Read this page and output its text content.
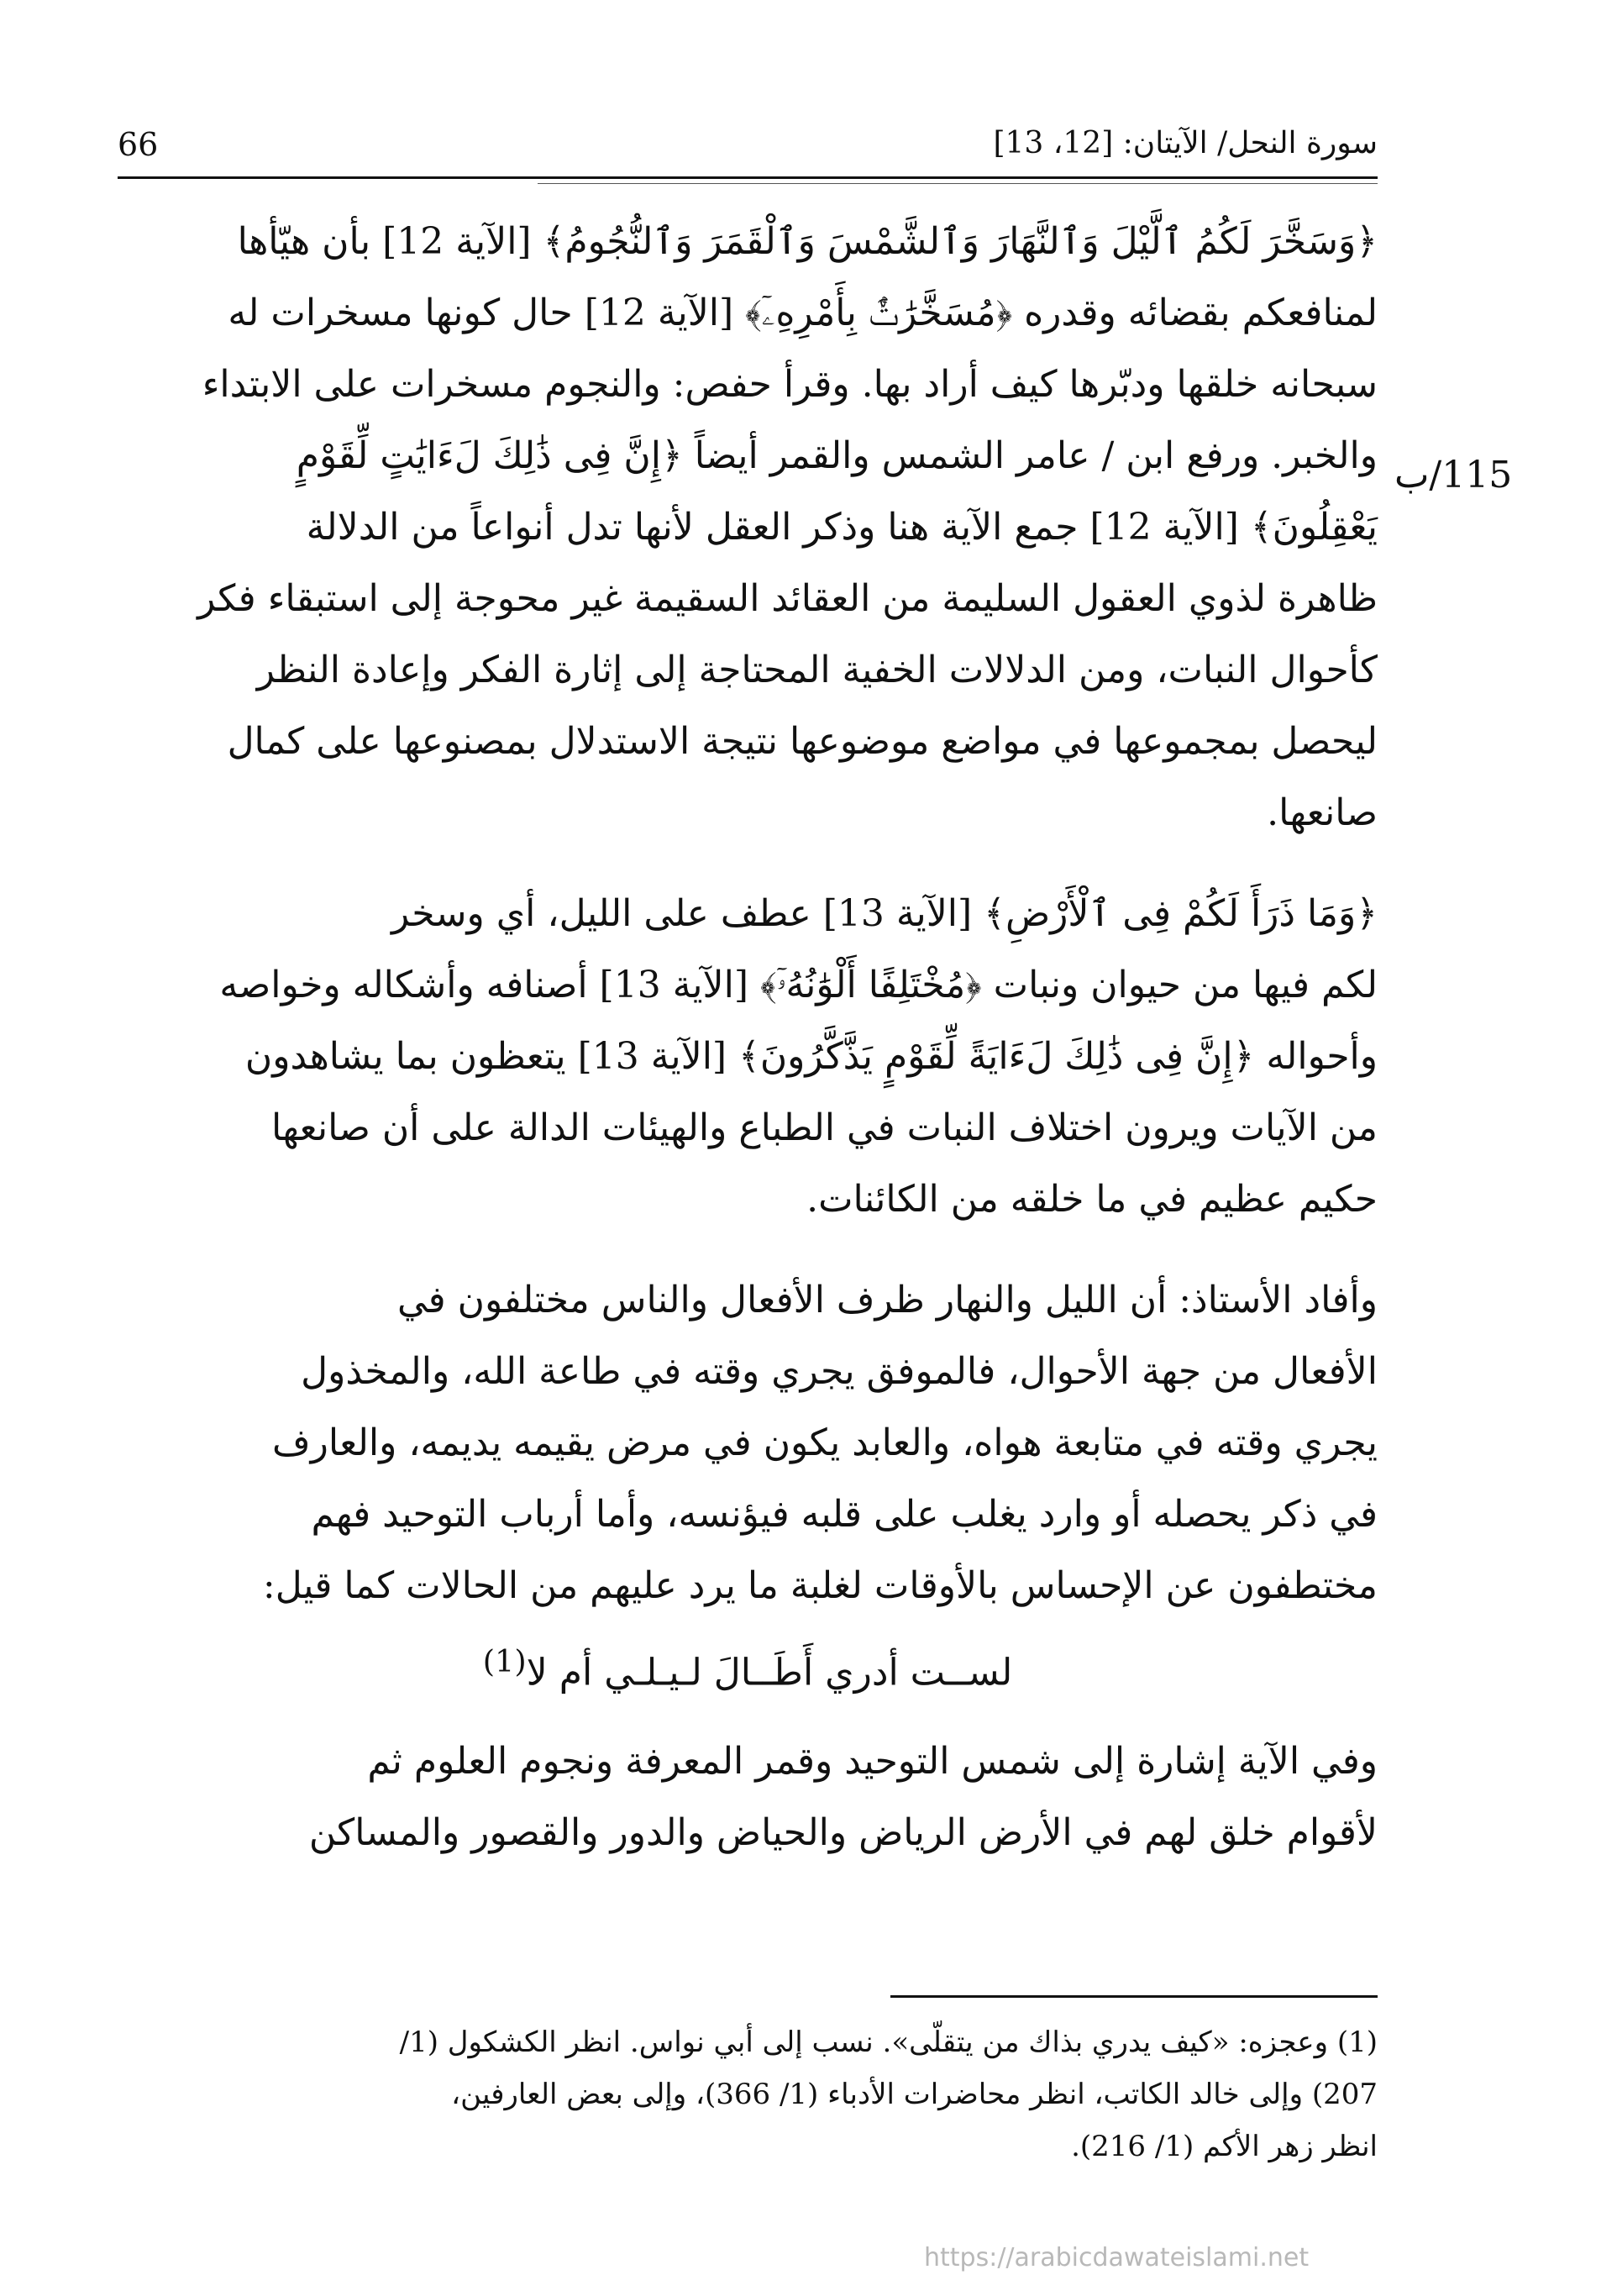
سورة النحل/ الآيتان: [12، 13]
66
115/ب

﴿وَسَخَّرَ لَكُمُ ٱلَّيْلَ وَٱلنَّهَارَ وَٱلشَّمْسَ وَٱلْقَمَرَ وَٱلنُّجُومُ﴾ [الآية 12] بأن هيّأها
لمنافعكم بقضائه وقدره ﴿مُسَخَّرَٰتٌۢ بِأَمْرِهِۦٓ﴾ [الآية 12] حال كونها مسخرات له
سبحانه خلقها ودبّرها كيف أراد بها. وقرأ حفص: والنجوم مسخرات على الابتداء
والخبر. ورفع ابن / عامر الشمس والقمر أيضاً ﴿إِنَّ فِى ذَٰلِكَ لَءَايَٰتٍ لِّقَوْمٍ
يَعْقِلُونَ﴾ [الآية 12] جمع الآية هنا وذكر العقل لأنها تدل أنواعاً من الدلالة
ظاهرة لذوي العقول السليمة من العقائد السقيمة غير محوجة إلى استبقاء فكر
كأحوال النبات، ومن الدلالات الخفية المحتاجة إلى إثارة الفكر وإعادة النظر
ليحصل بمجموعها في مواضع موضوعها نتيجة الاستدلال بمصنوعها على كمال
صانعها.

﴿وَمَا ذَرَأَ لَكُمْ فِى ٱلْأَرْضِ﴾ [الآية 13] عطف على الليل، أي وسخر
لكم فيها من حيوان ونبات ﴿مُخْتَلِفًا أَلْوَٰنُهُۥٓ﴾ [الآية 13] أصنافه وأشكاله وخواصه
وأحواله ﴿إِنَّ فِى ذَٰلِكَ لَءَايَةً لِّقَوْمٍ يَذَّكَّرُونَ﴾ [الآية 13] يتعظون بما يشاهدون
من الآيات ويرون اختلاف النبات في الطباع والهيئات الدالة على أن صانعها
حكيم عظيم في ما خلقه من الكائنات.

وأفاد الأستاذ: أن الليل والنهار ظرف الأفعال والناس مختلفون في
الأفعال من جهة الأحوال، فالموفق يجري وقته في طاعة الله، والمخذول
يجري وقته في متابعة هواه، والعابد يكون في مرض يقيمه يديمه، والعارف
في ذكر يحصله أو وارد يغلب على قلبه فيؤنسه، وأما أرباب التوحيد فهم
مختطفون عن الإحساس بالأوقات لغلبة ما يرد عليهم من الحالات كما قيل:

لســت أدري أَطَــالَ لـيـلـي أم لا$^{(1)}$

وفي الآية إشارة إلى شمس التوحيد وقمر المعرفة ونجوم العلوم ثم
لأقوام خلق لهم في الأرض الرياض والحياض والدور والقصور والمساكن

(1) وعجزه: «كيف يدري بذاك من يتقلّى». نسب إلى أبي نواس. انظر الكشكول (1/
207) وإلى خالد الكاتب، انظر محاضرات الأدباء (1/ 366)، وإلى بعض العارفين،
انظر زهر الأكم (1/ 216).

https://arabicdawateislami.net
